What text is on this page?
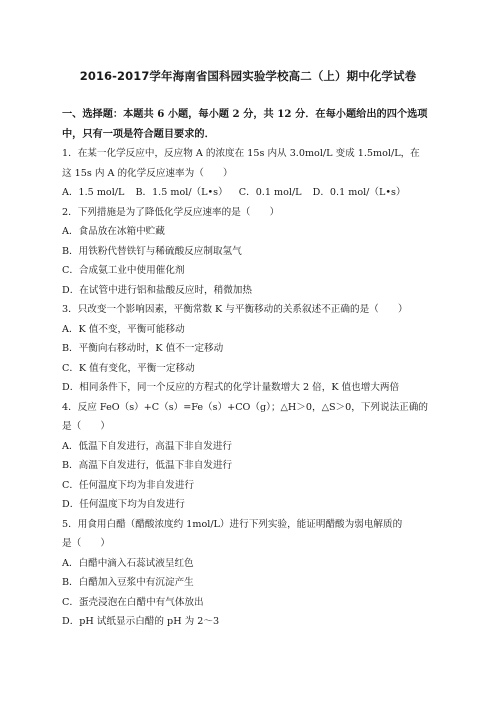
2016-2017学年海南省国科园实验学校高二（上）期中化学试卷
一、选择题：本题共 6 小题，每小题 2 分，共 12 分．在每小题给出的四个选项
中，只有一项是符合题目要求的．
1．在某一化学反应中，反应物 A 的浓度在 15s 内从 3.0mol/L 变成 1.5mol/L，在
这 15s 内 A 的化学反应速率为（　　）
A．1.5 mol/L B．1.5 mol/（L•s） C．0.1 mol/L D．0.1 mol/（L•s）
2．下列措施是为了降低化学反应速率的是（　　）
A．食品放在冰箱中贮藏
B．用铁粉代替铁钉与稀硫酸反应制取氢气
C．合成氨工业中使用催化剂
D．在试管中进行铝和盐酸反应时，稍微加热
3．只改变一个影响因素，平衡常数 K 与平衡移动的关系叙述不正确的是（　　）
A．K 值不变，平衡可能移动
B．平衡向右移动时，K 值不一定移动
C．K 值有变化，平衡一定移动
D．相同条件下，同一个反应的方程式的化学计量数增大 2 倍，K 值也增大两倍
4．反应 FeO（s）+C（s）=Fe（s）+CO（g）；△H＞0，△S＞0，下列说法正确的
是（　　）
A．低温下自发进行，高温下非自发进行
B．高温下自发进行，低温下非自发进行
C．任何温度下均为非自发进行
D．任何温度下均为自发进行
5．用食用白醋（醋酸浓度约 1mol/L）进行下列实验，能证明醋酸为弱电解质的
是（　　）
A．白醋中滴入石蕊试液呈红色
B．白醋加入豆浆中有沉淀产生
C．蛋壳浸泡在白醋中有气体放出
D．pH 试纸显示白醋的 pH 为 2～3
